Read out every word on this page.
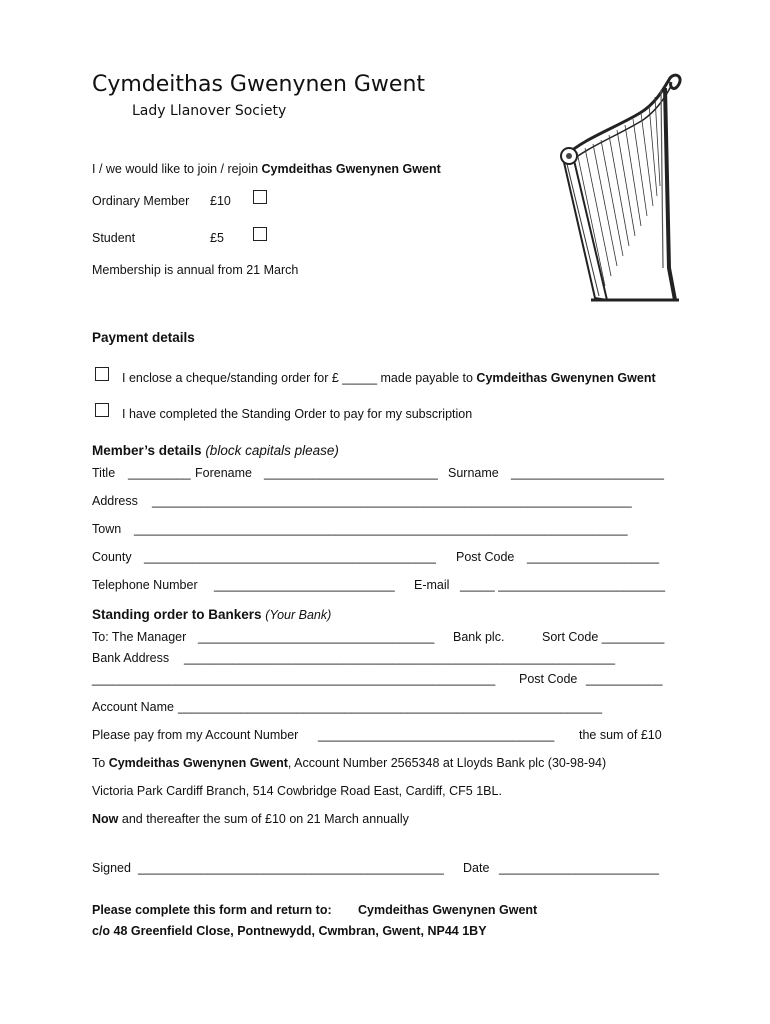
Cymdeithas Gwenynen Gwent
Lady Llanover Society
I / we would like to join / rejoin Cymdeithas Gwenynen Gwent
Ordinary Member £10
Student	£5
Membership is annual from 21 March
Payment details
I enclose a cheque/standing order for £ _____ made payable to Cymdeithas Gwenynen Gwent
I have completed the Standing Order to pay for my subscription
Member’s details (block capitals please)
Title _________ Forename _________________________ Surname ______________________
Address _____________________________________________________________________
Town _______________________________________________________________________
County __________________________________________ Post Code ___________________
Telephone Number __________________________ E-mail _____ ________________________
Standing order to Bankers (Your Bank)
To: The Manager __________________________________ Bank plc.	Sort Code _________
Bank Address ______________________________________________________________
__________________________________________________________ Post Code ___________
Account Name _____________________________________________________________
Please pay from my Account Number __________________________________ the sum of £10
To Cymdeithas Gwenynen Gwent, Account Number 2565348 at Lloyds Bank plc (30-98-94)
Victoria Park Cardiff Branch, 514 Cowbridge Road East, Cardiff, CF5 1BL.
Now and thereafter the sum of £10 on 21 March annually
Signed ____________________________________________ Date _______________________
Please complete this form and return to: Cymdeithas Gwenynen Gwent
c/o 48 Greenfield Close, Pontnewydd, Cwmbran, Gwent, NP44 1BY
